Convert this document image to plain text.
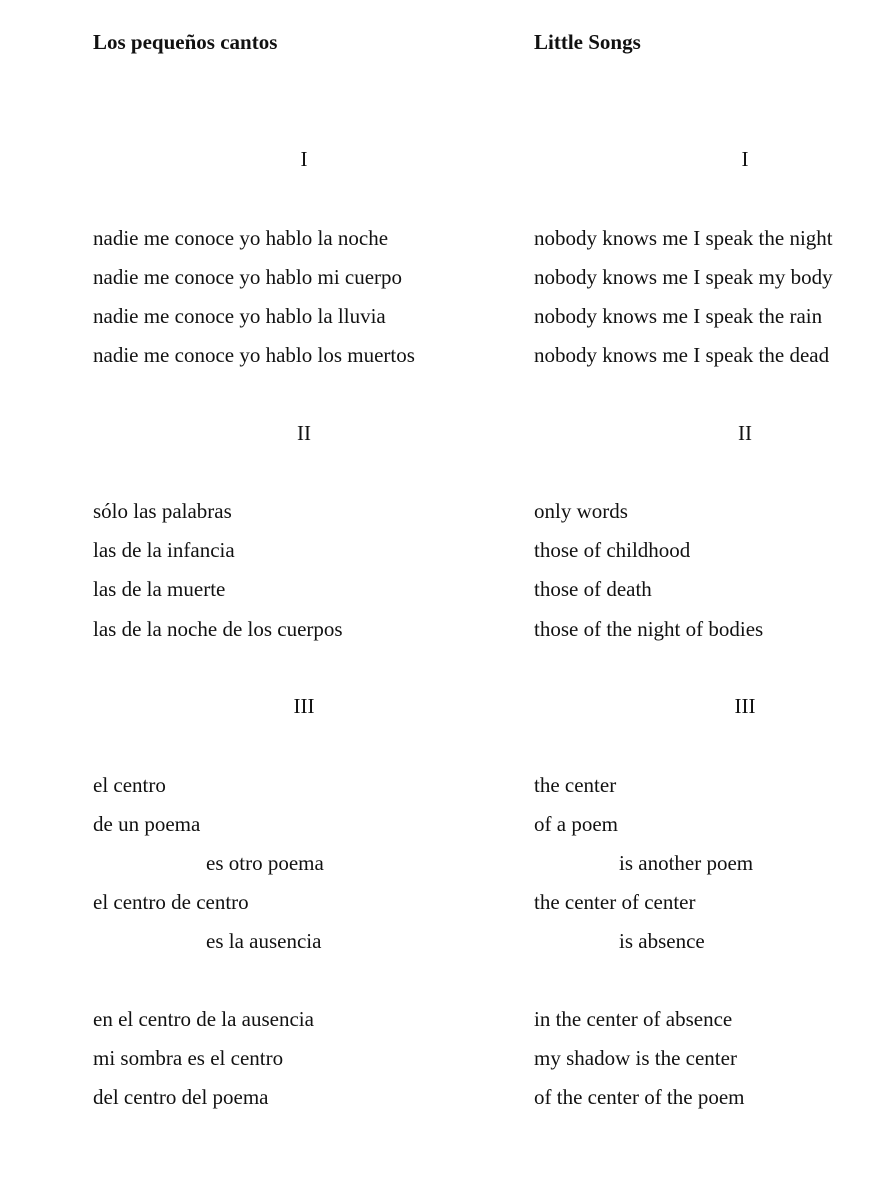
Los pequeños cantos
I
nadie me conoce yo hablo la noche
nadie me conoce yo hablo mi cuerpo
nadie me conoce yo hablo la lluvia
nadie me conoce yo hablo los muertos
II
sólo las palabras
las de la infancia
las de la muerte
las de la noche de los cuerpos
III
el centro
de un poema
es otro poema
el centro de centro
es la ausencia
en el centro de la ausencia
mi sombra es el centro
del centro del poema
Little Songs
I
nobody knows me I speak the night
nobody knows me I speak my body
nobody knows me I speak the rain
nobody knows me I speak the dead
II
only words
those of childhood
those of death
those of the night of bodies
III
the center
of a poem
is another poem
the center of center
is absence
in the center of absence
my shadow is the center
of the center of the poem
